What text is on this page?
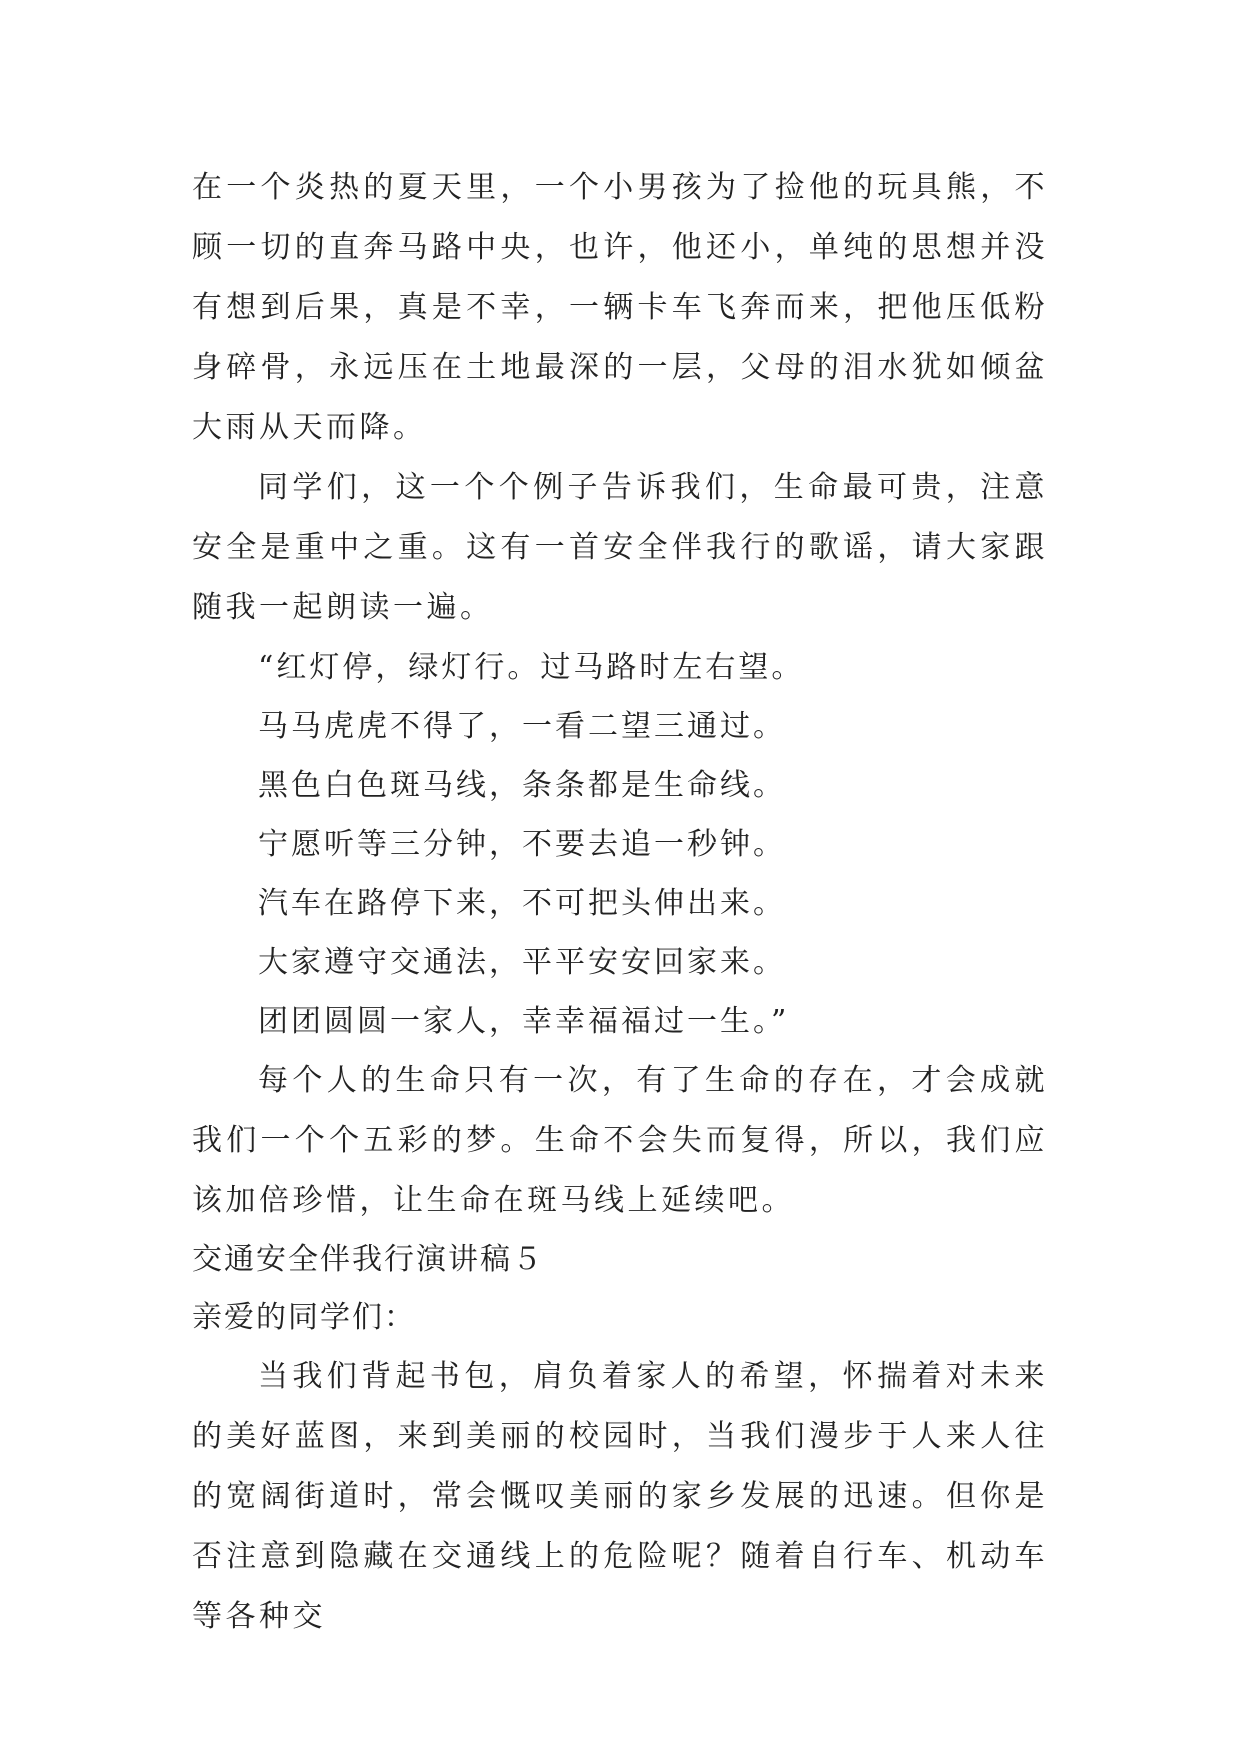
在一个炎热的夏天里，一个小男孩为了捡他的玩具熊，不顾一切的直奔马路中央，也许，他还小，单纯的思想并没有想到后果，真是不幸，一辆卡车飞奔而来，把他压低粉身碎骨，永远压在土地最深的一层，父母的泪水犹如倾盆大雨从天而降。

同学们，这一个个例子告诉我们，生命最可贵，注意安全是重中之重。这有一首安全伴我行的歌谣，请大家跟随我一起朗读一遍。

“红灯停，绿灯行。过马路时左右望。

马马虎虎不得了，一看二望三通过。

黑色白色斑马线，条条都是生命线。

宁愿听等三分钟，不要去追一秒钟。

汽车在路停下来，不可把头伸出来。

大家遵守交通法，平平安安回家来。

团团圆圆一家人，幸幸福福过一生。”

每个人的生命只有一次，有了生命的存在，才会成就我们一个个五彩的梦。生命不会失而复得，所以，我们应该加倍珍惜，让生命在斑马线上延续吧。

交通安全伴我行演讲稿５

亲爱的同学们：

当我们背起书包，肩负着家人的希望，怀揣着对未来的美好蓝图，来到美丽的校园时，当我们漫步于人来人往的宽阔街道时，常会慨叹美丽的家乡发展的迅速。但你是否注意到隐藏在交通线上的危险呢？随着自行车、机动车等各种交
